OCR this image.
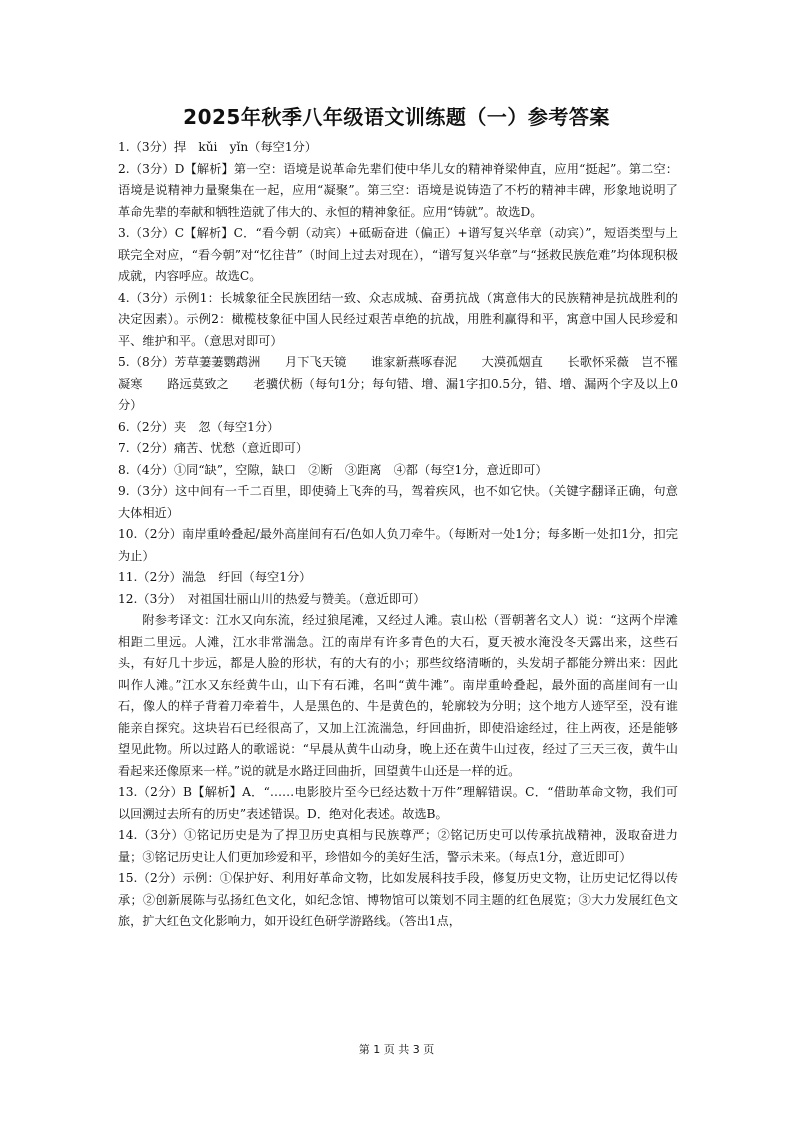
2025年秋季八年级语文训练题（一）参考答案

1.（3分）捍　kǔi　yǐn（每空1分）

2.（3分）D【解析】第一空：语境是说革命先辈们使中华儿女的精神脊梁伸直，应用“挺起”。第二空：语境是说精神力量聚集在一起，应用“凝聚”。第三空：语境是说铸造了不朽的精神丰碑，形象地说明了革命先辈的奉献和牺牲造就了伟大的、永恒的精神象征。应用“铸就”。故选D。

3.（3分）C【解析】C．“看今朝（动宾）+砥砺奋进（偏正）+谱写复兴华章（动宾）”，短语类型与上联完全对应，“看今朝”对“忆往昔”（时间上过去对现在），“谱写复兴华章”与“拯救民族危难”均体现积极成就，内容呼应。故选C。

4.（3分）示例1：长城象征全民族团结一致、众志成城、奋勇抗战（寓意伟大的民族精神是抗战胜利的决定因素）。示例2：橄榄枝象征中国人民经过艰苦卓绝的抗战，用胜利赢得和平，寓意中国人民珍爱和平、维护和平。（意思对即可）

5.（8分）芳草萋萋鹦鹉洲　　月下飞天镜　　谁家新燕啄春泥　　大漠孤烟直　　长歌怀采薇　岂不罹凝寒　　路远莫致之　　老骥伏枥（每句1分；每句错、增、漏1字扣0.5分，错、增、漏两个字及以上0分）

6.（2分）夹　忽（每空1分）

7.（2分）痛苦、忧愁（意近即可）

8.（4分）①同“缺”，空隙，缺口　②断　③距离　④都（每空1分，意近即可）

9.（3分）这中间有一千二百里，即使骑上飞奔的马，驾着疾风，也不如它快。（关键字翻译正确，句意大体相近）

10.（2分）南岸重岭叠起/最外高崖间有石/色如人负刀牵牛。（每断对一处1分；每多断一处扣1分，扣完为止）

11.（2分）湍急　纡回（每空1分）

12.（3分）　对祖国壮丽山川的热爱与赞美。（意近即可）

附参考译文：江水又向东流，经过狼尾滩，又经过人滩。袁山松（晋朝著名文人）说：“这两个岸滩相距二里远。人滩，江水非常湍急。江的南岸有许多青色的大石，夏天被水淹没冬天露出来，这些石头，有好几十步远，都是人脸的形状，有的大有的小；那些纹络清晰的，头发胡子都能分辨出来：因此叫作人滩。”江水又东经黄牛山，山下有石滩，名叫“黄牛滩”。南岸重岭叠起，最外面的高崖间有一山石，像人的样子背着刀牵着牛，人是黑色的、牛是黄色的，轮廓较为分明；这个地方人迹罕至，没有谁能亲自探究。这块岩石已经很高了，又加上江流湍急，纡回曲折，即使沿途经过，往上两夜，还是能够望见此物。所以过路人的歌谣说：“早晨从黄牛山动身，晚上还在黄牛山过夜，经过了三天三夜，黄牛山看起来还像原来一样。”说的就是水路迂回曲折，回望黄牛山还是一样的近。

13.（2分）B【解析】A．“……电影胶片至今已经达数十万件”理解错误。C．“借助革命文物，我们可以回溯过去所有的历史”表述错误。D．绝对化表述。故选B。

14.（3分）①铭记历史是为了捍卫历史真相与民族尊严；②铭记历史可以传承抗战精神，汲取奋进力量；③铭记历史让人们更加珍爱和平，珍惜如今的美好生活，警示未来。（每点1分，意近即可）

15.（2分）示例：①保护好、利用好革命文物，比如发展科技手段，修复历史文物，让历史记忆得以传承；②创新展陈与弘扬红色文化，如纪念馆、博物馆可以策划不同主题的红色展览；③大力发展红色文旅，扩大红色文化影响力，如开设红色研学游路线。（答出1点，

第 1 页 共 3 页
